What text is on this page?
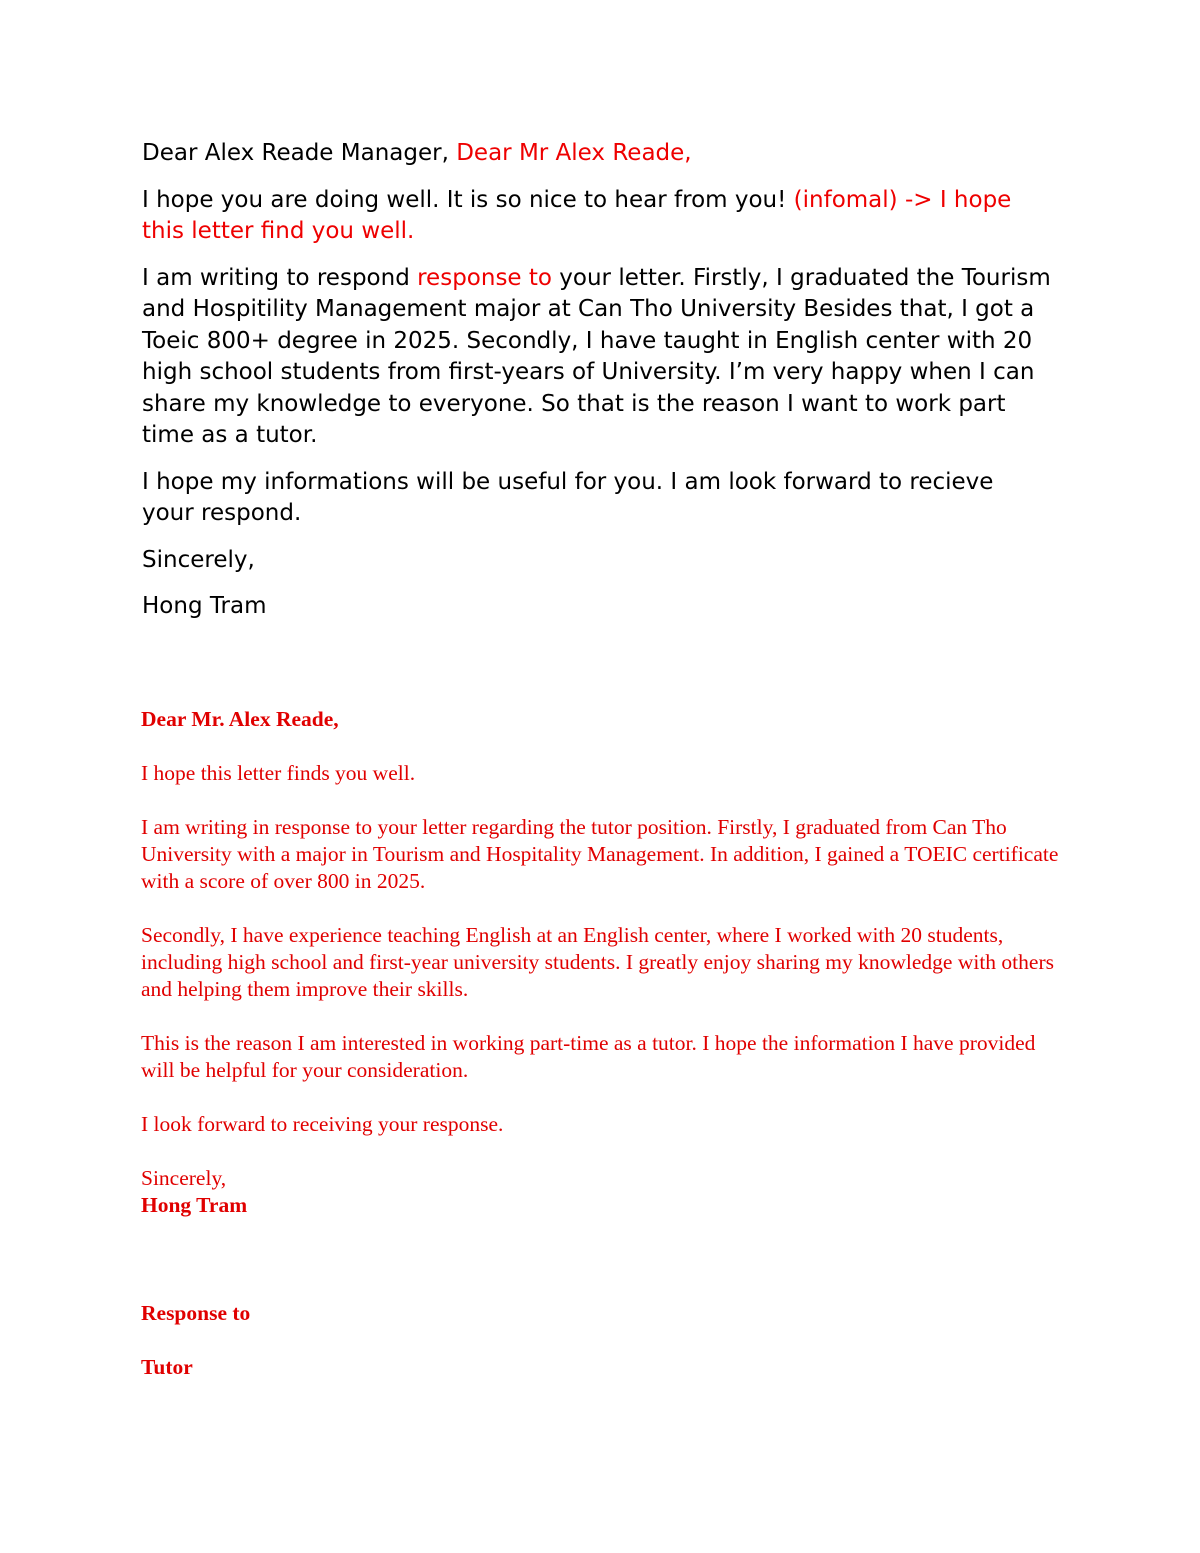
Dear Alex Reade Manager, Dear Mr Alex Reade,

I hope you are doing well. It is so nice to hear from you! (infomal) -> I hope this letter find you well.

I am writing to respond response to your letter. Firstly, I graduated the Tourism and Hospitility Management major at Can Tho University Besides that, I got a Toeic 800+ degree in 2025. Secondly, I have taught in English center with 20 high school students from first-years of University. I’m very happy when I can share my knowledge to everyone. So that is the reason I want to work part time as a tutor.

I hope my informations will be useful for you. I am look forward to recieve your respond.

Sincerely,

Hong Tram

Dear Mr. Alex Reade,

I hope this letter finds you well.

I am writing in response to your letter regarding the tutor position. Firstly, I graduated from Can Tho University with a major in Tourism and Hospitality Management. In addition, I gained a TOEIC certificate with a score of over 800 in 2025.

Secondly, I have experience teaching English at an English center, where I worked with 20 students, including high school and first-year university students. I greatly enjoy sharing my knowledge with others and helping them improve their skills.

This is the reason I am interested in working part-time as a tutor. I hope the information I have provided will be helpful for your consideration.

I look forward to receiving your response.

Sincerely,

Hong Tram

Response to

Tutor
